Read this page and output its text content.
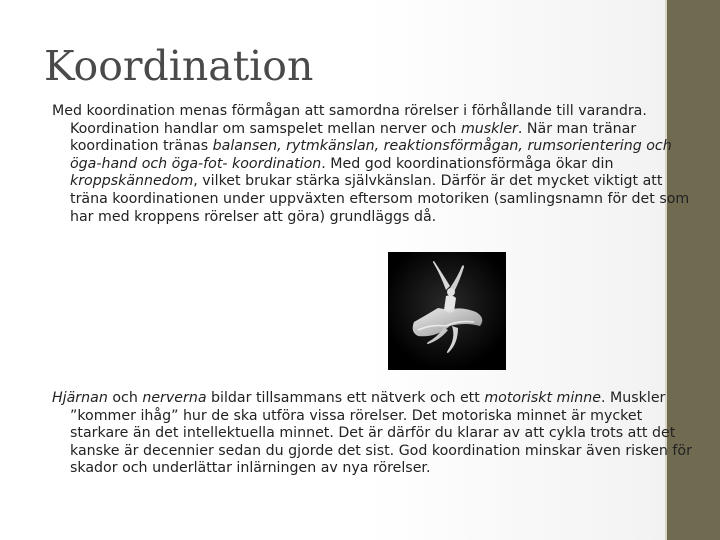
Koordination

Med koordination menas förmågan att samordna rörelser i förhållande till varandra. Koordination handlar om samspelet mellan nerver och muskler. När man tränar koordination tränas balansen, rytmkänslan, reaktionsförmågan, rumsorientering och öga-hand och öga-fot- koordination. Med god koordinationsförmåga ökar din kroppskännedom, vilket brukar stärka självkänslan. Därför är det mycket viktigt att träna koordinationen under uppväxten eftersom motoriken (samlingsnamn för det som har med kroppens rörelser att göra) grundläggs då.

Hjärnan och nerverna bildar tillsammans ett nätverk och ett motoriskt minne. Muskler ”kommer ihåg” hur de ska utföra vissa rörelser. Det motoriska minnet är mycket starkare än det intellektuella minnet. Det är därför du klarar av att cykla trots att det kanske är decennier sedan du gjorde det sist. God koordination minskar även risken för skador och underlättar inlärningen av nya rörelser.
